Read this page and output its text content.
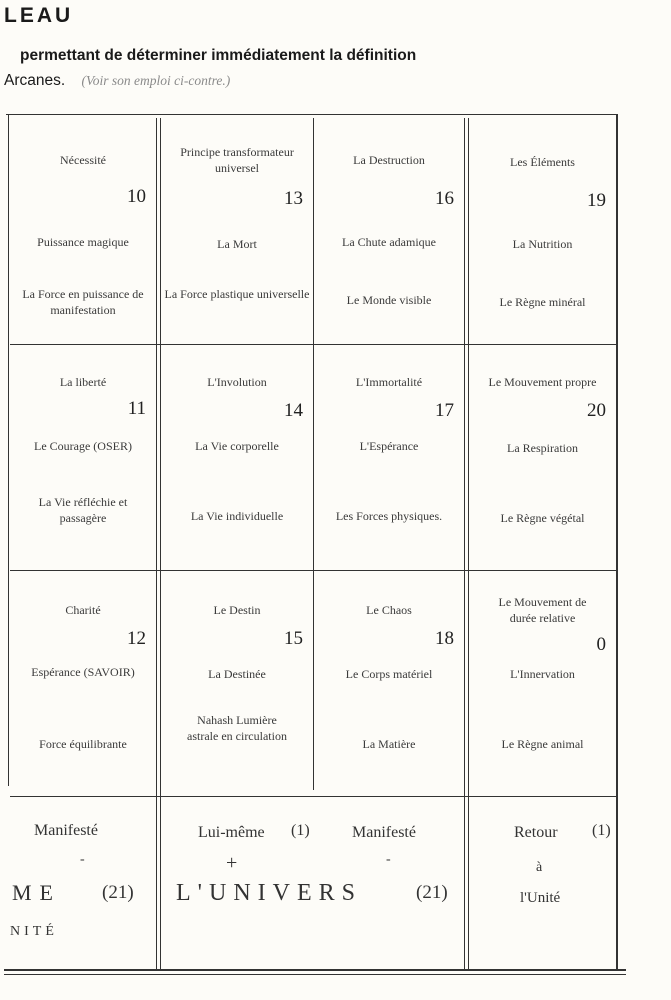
LEAU
permettant de déterminer immédiatement la définition
Arcanes. (Voir son emploi ci-contre.)
Nécessité
10
Puissance magique
La Force en puissance de manifestation
Principe transformateur universel
13
La Mort
La Force plastique universelle
La Destruction
16
La Chute adamique
Le Monde visible
Les Éléments
19
La Nutrition
Le Règne minéral
La liberté
11
Le Courage (OSER)
La Vie réfléchie et passagère
L'Involution
14
La Vie corporelle
La Vie individuelle
L'Immortalité
17
L'Espérance
Les Forces physiques.
Le Mouvement propre
20
La Respiration
Le Règne végétal
Charité
12
Espérance (SAVOIR)
Force équilibrante
Le Destin
15
La Destinée
Nahash Lumière astrale en circulation
Le Chaos
18
Le Corps matériel
La Matière
Le Mouvement de durée relative
0
L'Innervation
Le Règne animal
Manifesté
-
ME (21)
NITÉ
Lui-même (1)	Manifesté
+	-
L'UNIVERS	(21)
Retour (1)
à
l'Unité
